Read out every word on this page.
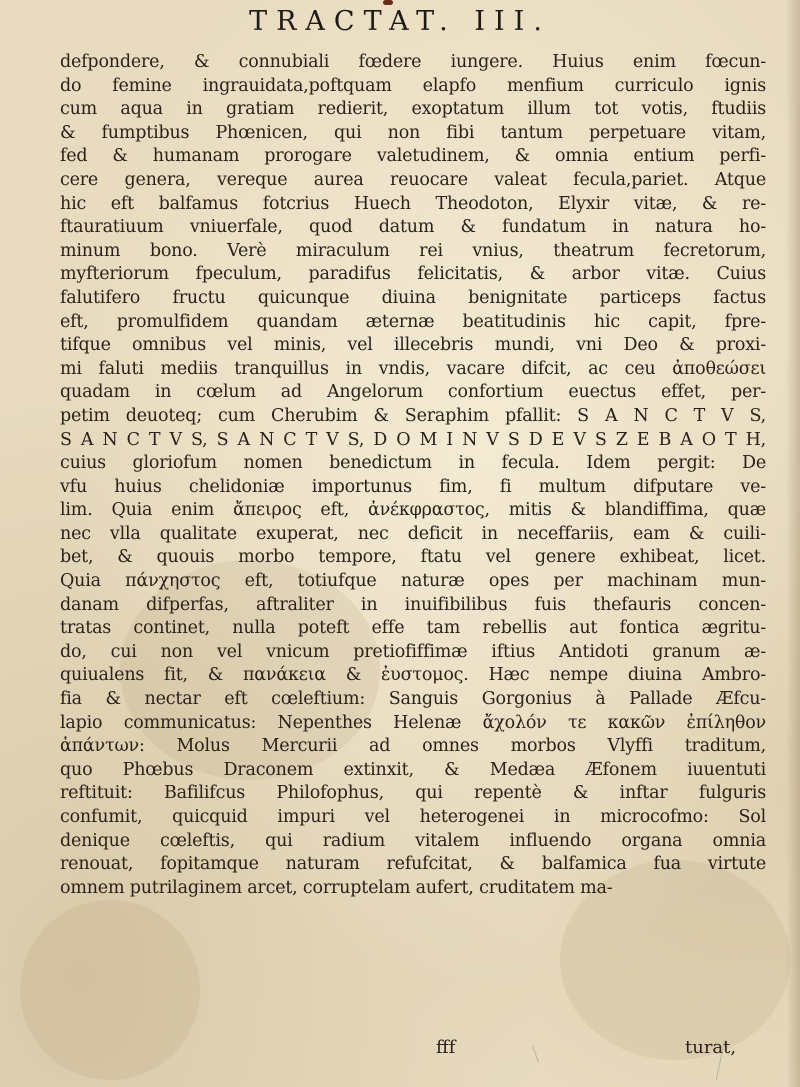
TRACTAT. III.
defpondere, & connubiali fœdere iungere. Huius enim fœcun-
do femine ingrauidata,poftquam elapfo menfium curriculo ignis
cum aqua in gratiam redierit, exoptatum illum tot votis, ftudiis
& fumptibus Phœnicen, qui non fibi tantum perpetuare vitam,
fed & humanam prorogare valetudinem, & omnia entium perfi-
cere genera, vereque aurea reuocare valeat fecula,pariet. Atque
hic eft balfamus fotcrius Huech Theodoton, Elyxir vitæ, & re-
ftauratiuum vniuerfale, quod datum & fundatum in natura ho-
minum bono. Verè miraculum rei vnius, theatrum fecretorum,
myfteriorum fpeculum, paradifus felicitatis, & arbor vitæ. Cuius
falutifero fructu quicunque diuina benignitate particeps factus
eft, promulfidem quandam æternæ beatitudinis hic capit, fpre-
tifque omnibus vel minis, vel illecebris mundi, vni Deo & proxi-
mi faluti mediis tranquillus in vndis, vacare difcit, ac ceu ἀποθεώσει
quadam in cœlum ad Angelorum confortium euectus effet, per-
petim deuoteq; cum Cherubim & Seraphim pfallit: S A N C T V S,
S A N C T V S, S A N C T V S, D O M I N V S D E V S Z E B A O T H,
cuius gloriofum nomen benedictum in fecula. Idem pergit: De
vfu huius chelidoniæ importunus fim, fi multum difputare ve-
lim. Quia enim ἄπειρος eft, ἀνέκφραστος, mitis & blandiffima, quæ
nec vlla qualitate exuperat, nec deficit in neceffariis, eam & cuili-
bet, & quouis morbo tempore, ftatu vel genere exhibeat, licet.
Quia πάνχηστος eft, totiufque naturæ opes per machinam mun-
danam difperfas, aftraliter in inuifibilibus fuis thefauris concen-
tratas continet, nulla poteft effe tam rebellis aut fontica ægritu-
do, cui non vel vnicum pretiofiffimæ iftius Antidoti granum æ-
quiualens fit, & πανάκεια & ἐυστομος. Hæc nempe diuina Ambro-
fia & nectar eft cœleftium: Sanguis Gorgonius à Pallade Æfcu-
lapio communicatus: Nepenthes Helenæ ἄχολόν τε κακῶν ἐπίληθον
ἁπάντων: Molus Mercurii ad omnes morbos Vlyffi traditum,
quo Phœbus Draconem extinxit, & Medæa Æfonem iuuentuti
reftituit: Bafilifcus Philofophus, qui repentè & inftar fulguris
confumit, quicquid impuri vel heterogenei in microcofmo: Sol
denique cœleftis, qui radium vitalem influendo organa omnia
renouat, fopitamque naturam refufcitat, & balfamica fua virtute
omnem putrilaginem arcet, corruptelam aufert, cruditatem ma-
fff	turat,
